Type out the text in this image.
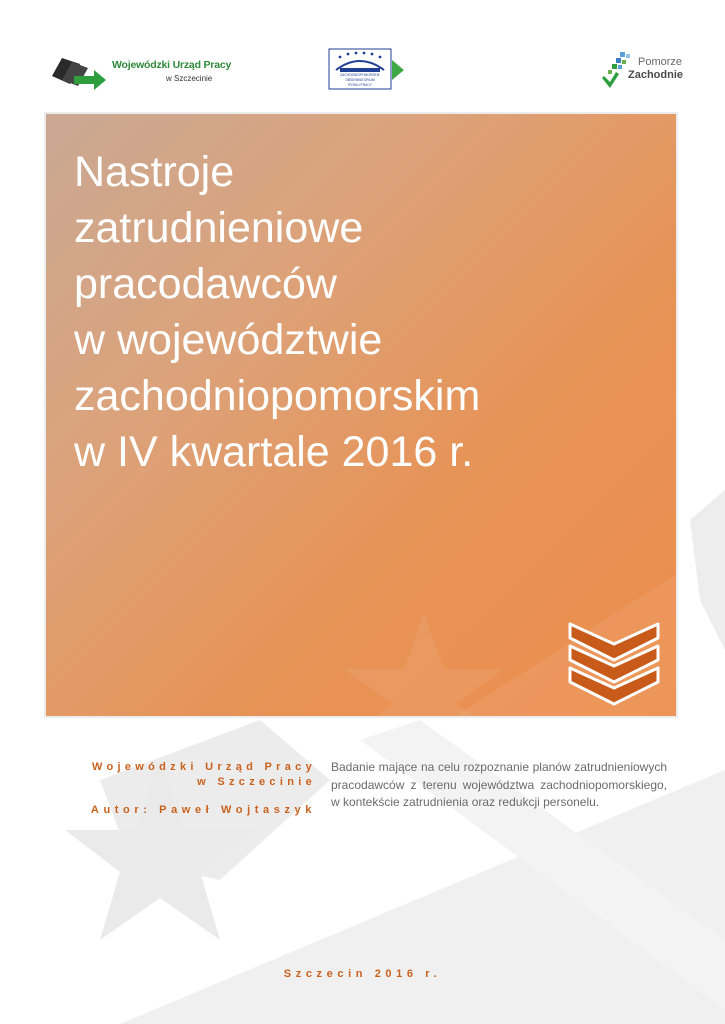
Wojewódzki Urząd Pracy
w Szczecinie	ZACHODNIOPOMORSKIE
OBSERWATORIUM
RYNKU PRACY
Pomorze
Zachodnie
Nastroje
zatrudnieniowe
pracodawców
w województwie
zachodniopomorskim
w IV kwartale 2016 r.
Wojewódzki Urząd Pracy
w Szczecinie
Autor: Paweł Wojtaszyk

Badanie mające na celu rozpoznanie planów zatrudnieniowych pracodawców z terenu województwa zachodniopomorskiego, w kontekście zatrudnienia oraz redukcji personelu.

Szczecin 2016 r.
